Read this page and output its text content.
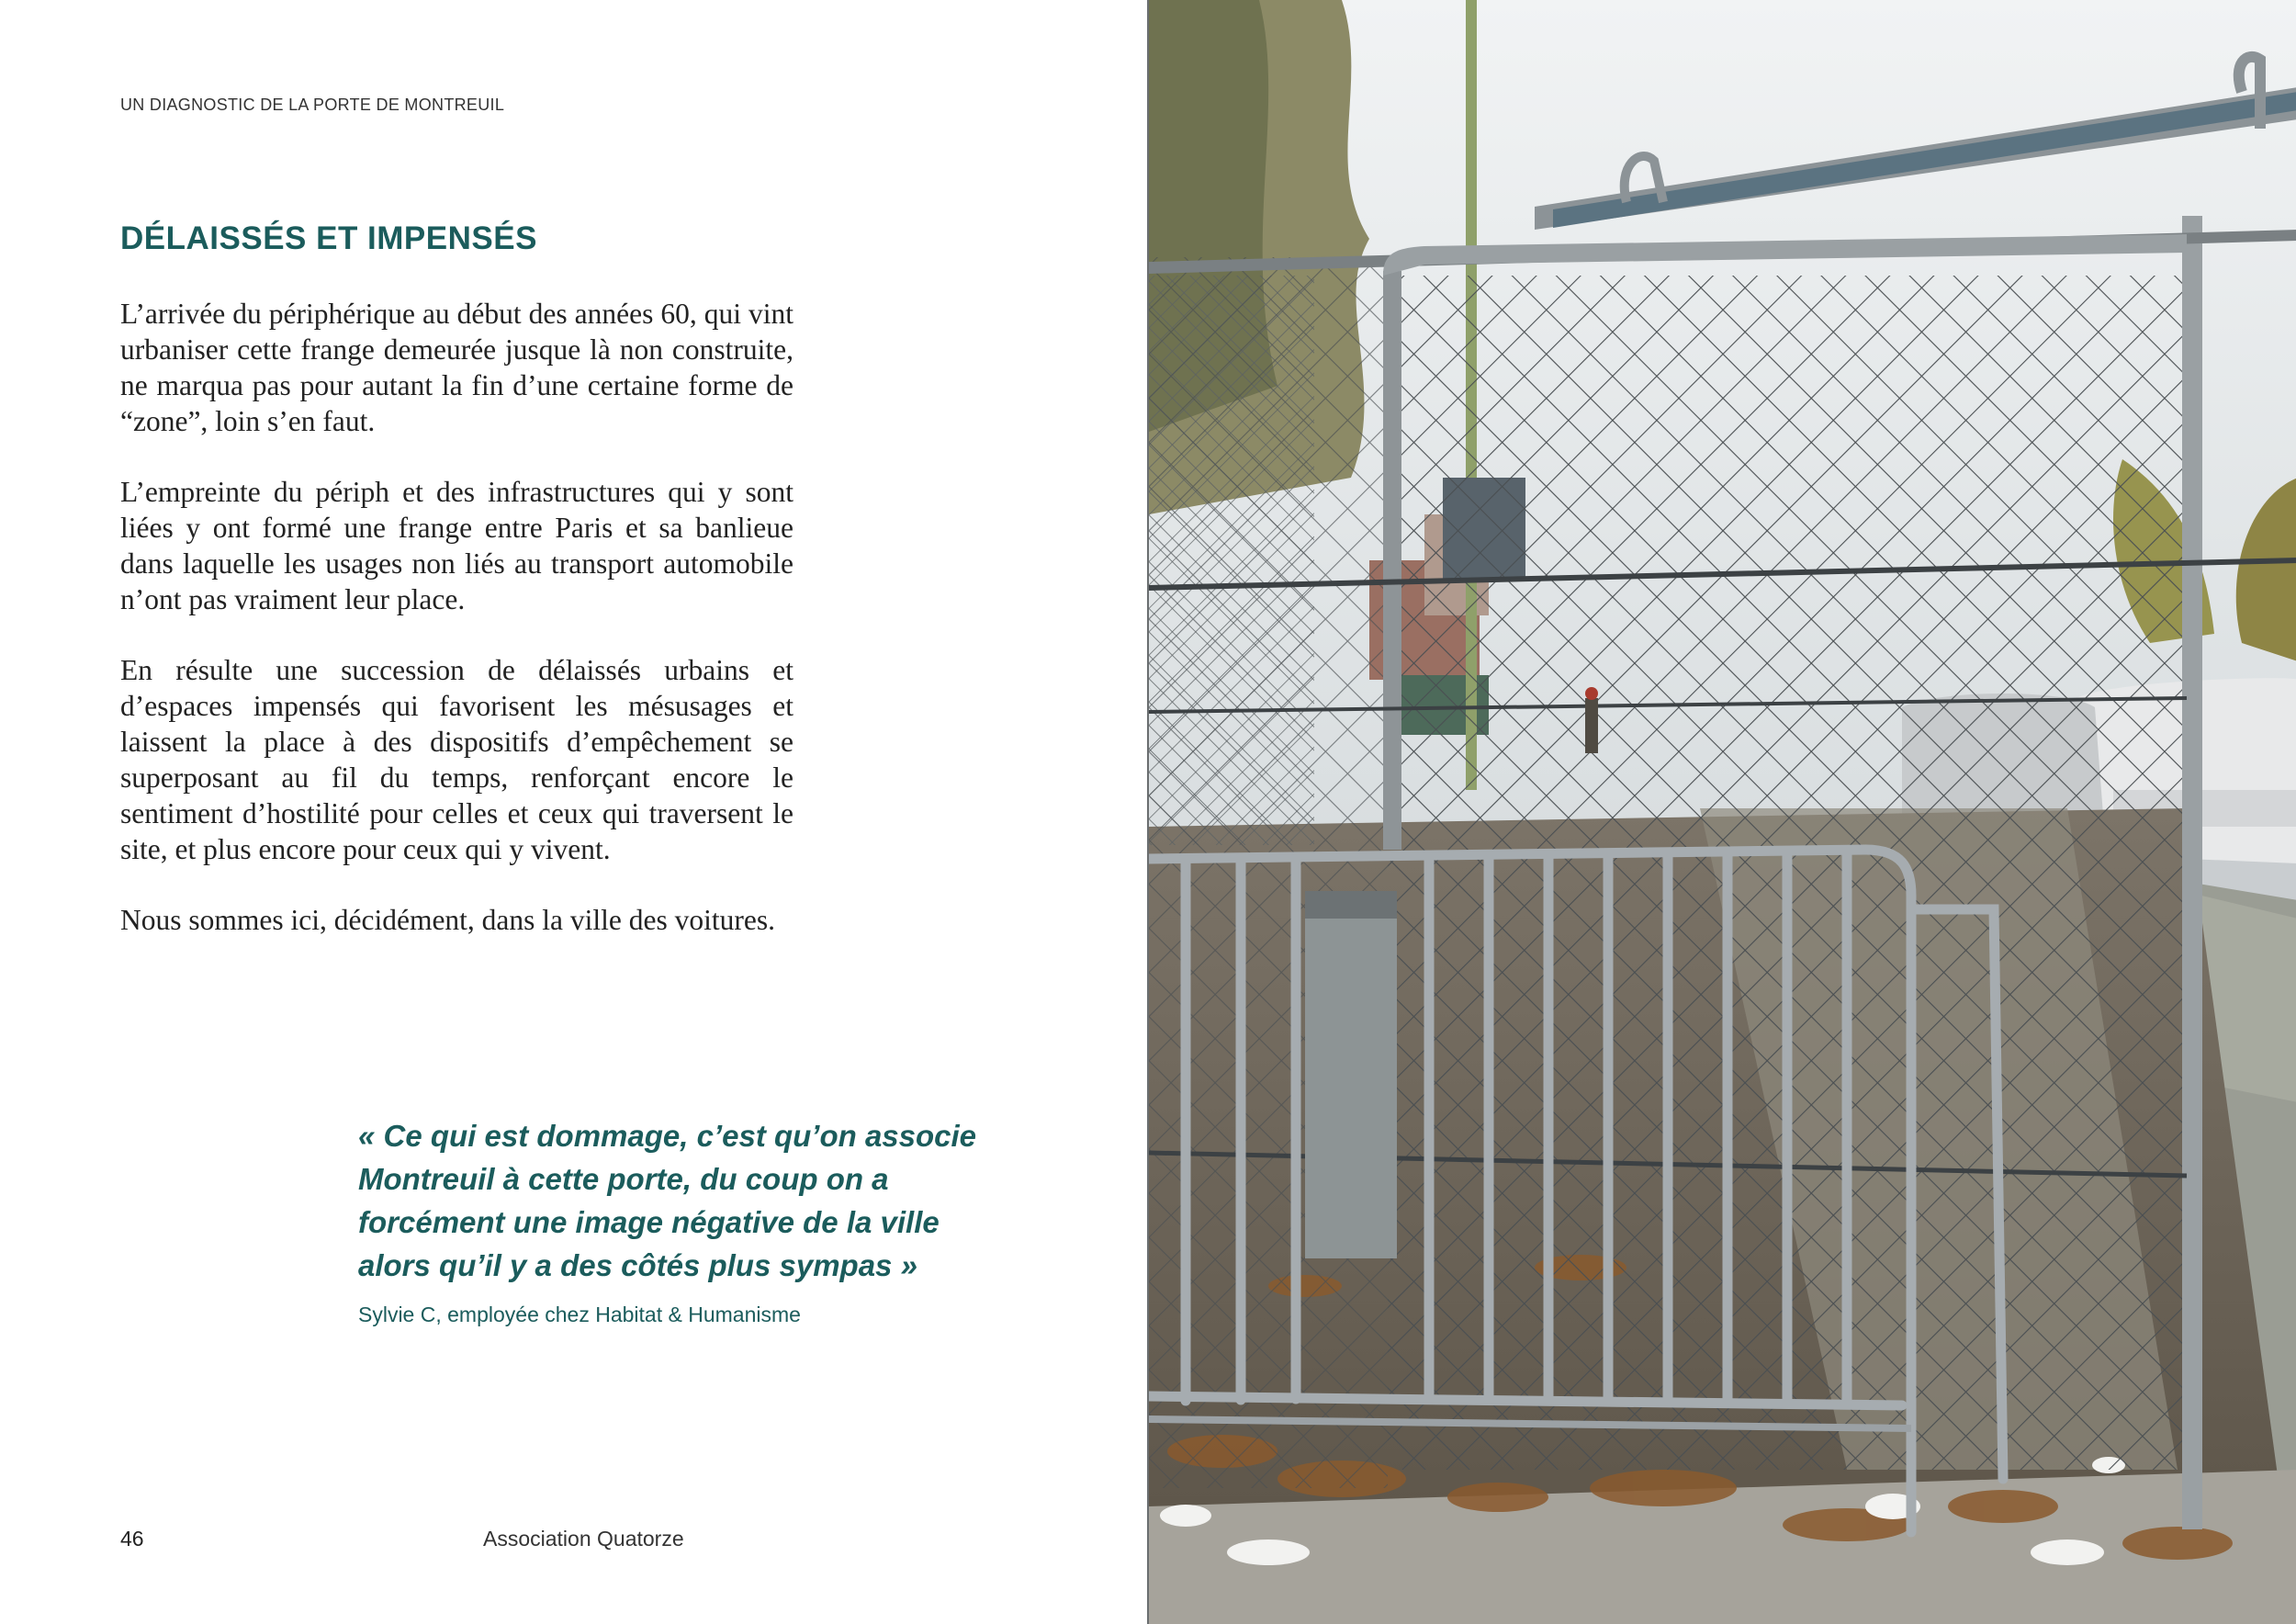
UN DIAGNOSTIC DE LA PORTE DE MONTREUIL
DÉLAISSÉS ET IMPENSÉS

L’arrivée du périphérique au début des années 60, qui vint urbaniser cette frange demeurée jusque là non construite, ne marqua pas pour autant la fin d’une certaine forme de “zone”, loin s’en faut.

L’empreinte du périph et des infrastructures qui y sont liées y ont formé une frange entre Paris et sa banlieue dans laquelle les usages non liés au transport automobile n’ont pas vraiment leur place.

En résulte une succession de délaissés urbains et d’espaces impensés qui favorisent les mésusages et laissent la place à des dispositifs d’empêchement se superposant au fil du temps, renforçant encore le sentiment d’hostilité pour celles et ceux qui traversent le site, et plus encore pour ceux qui y vivent.

Nous sommes ici, décidément, dans la ville des voitures.

« Ce qui est dommage, c’est qu’on associe Montreuil à cette porte, du coup on a forcément une image négative de la ville alors qu’il y a des côtés plus sympas »

Sylvie C, employée chez Habitat & Humanisme
46	Association Quatorze
